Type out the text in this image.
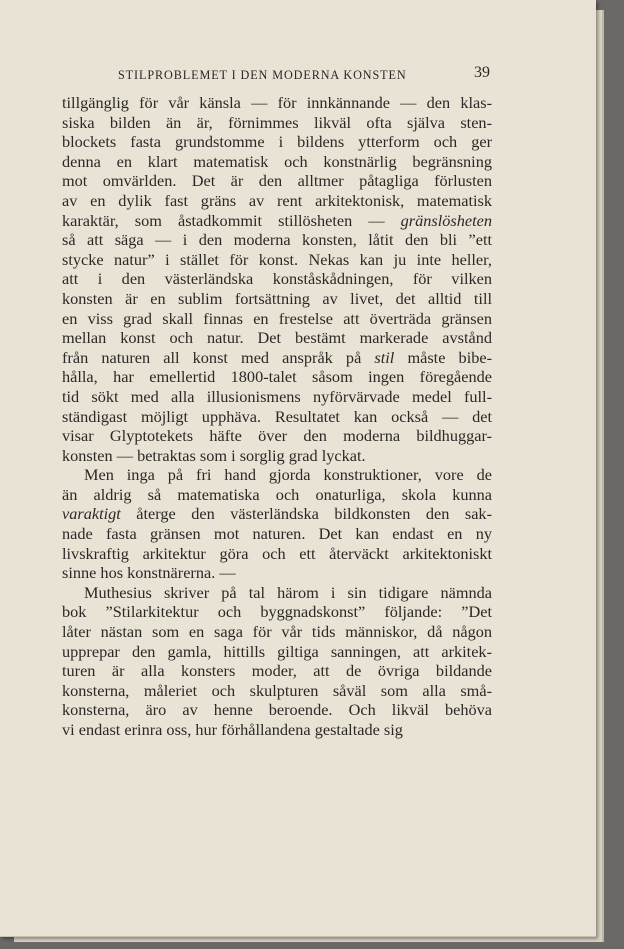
STILPROBLEMET I DEN MODERNA KONSTEN	39
tillgänglig för vår känsla — för innkännande — den klas-
siska bilden än är, förnimmes likväl ofta själva sten-
blockets fasta grundstomme i bildens ytterform och ger
denna en klart matematisk och konstnärlig begränsning
mot omvärlden. Det är den alltmer påtagliga förlusten
av en dylik fast gräns av rent arkitektonisk, matematisk
karaktär, som åstadkommit stillösheten — gränslösheten
så att säga — i den moderna konsten, låtit den bli ”ett
stycke natur” i stället för konst. Nekas kan ju inte heller,
att i den västerländska konståskådningen, för vilken
konsten är en sublim fortsättning av livet, det alltid till
en viss grad skall finnas en frestelse att överträda gränsen
mellan konst och natur. Det bestämt markerade avstånd
från naturen all konst med anspråk på stil måste bibe-
hålla, har emellertid 1800-talet såsom ingen föregående
tid sökt med alla illusionismens nyförvärvade medel full-
ständigast möjligt upphäva. Resultatet kan också — det
visar Glyptotekets häfte över den moderna bildhuggar-
konsten — betraktas som i sorglig grad lyckat.
Men inga på fri hand gjorda konstruktioner, vore de
än aldrig så matematiska och onaturliga, skola kunna
varaktigt återge den västerländska bildkonsten den sak-
nade fasta gränsen mot naturen. Det kan endast en ny
livskraftig arkitektur göra och ett återväckt arkitektoniskt
sinne hos konstnärerna. —
Muthesius skriver på tal härom i sin tidigare nämnda
bok ”Stilarkitektur och byggnadskonst” följande: ”Det
låter nästan som en saga för vår tids människor, då någon
upprepar den gamla, hittills giltiga sanningen, att arkitek-
turen är alla konsters moder, att de övriga bildande
konsterna, måleriet och skulpturen såväl som alla små-
konsterna, äro av henne beroende. Och likväl behöva
vi endast erinra oss, hur förhållandena gestaltade sig
